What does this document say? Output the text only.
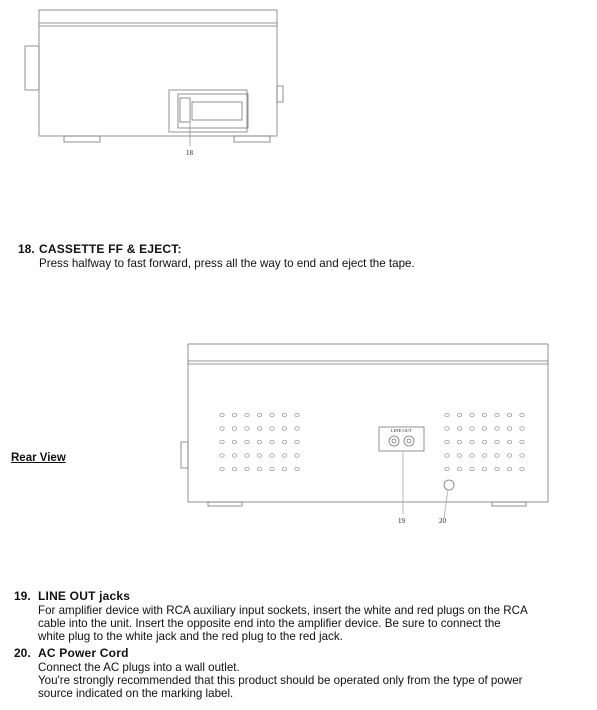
18
18. CASSETTE FF & EJECT:
Press halfway to fast forward, press all the way to end and eject the tape.
Rear View
LINE OUT
19	20
19. LINE OUT jacks
For amplifier device with RCA auxiliary input sockets, insert the white and red plugs on the RCA
cable into the unit. Insert the opposite end into the amplifier device. Be sure to connect the
white plug to the white jack and the red plug to the red jack.
20. AC Power Cord
Connect the AC plugs into a wall outlet.
You're strongly recommended that this product should be operated only from the type of power
source indicated on the marking label.
